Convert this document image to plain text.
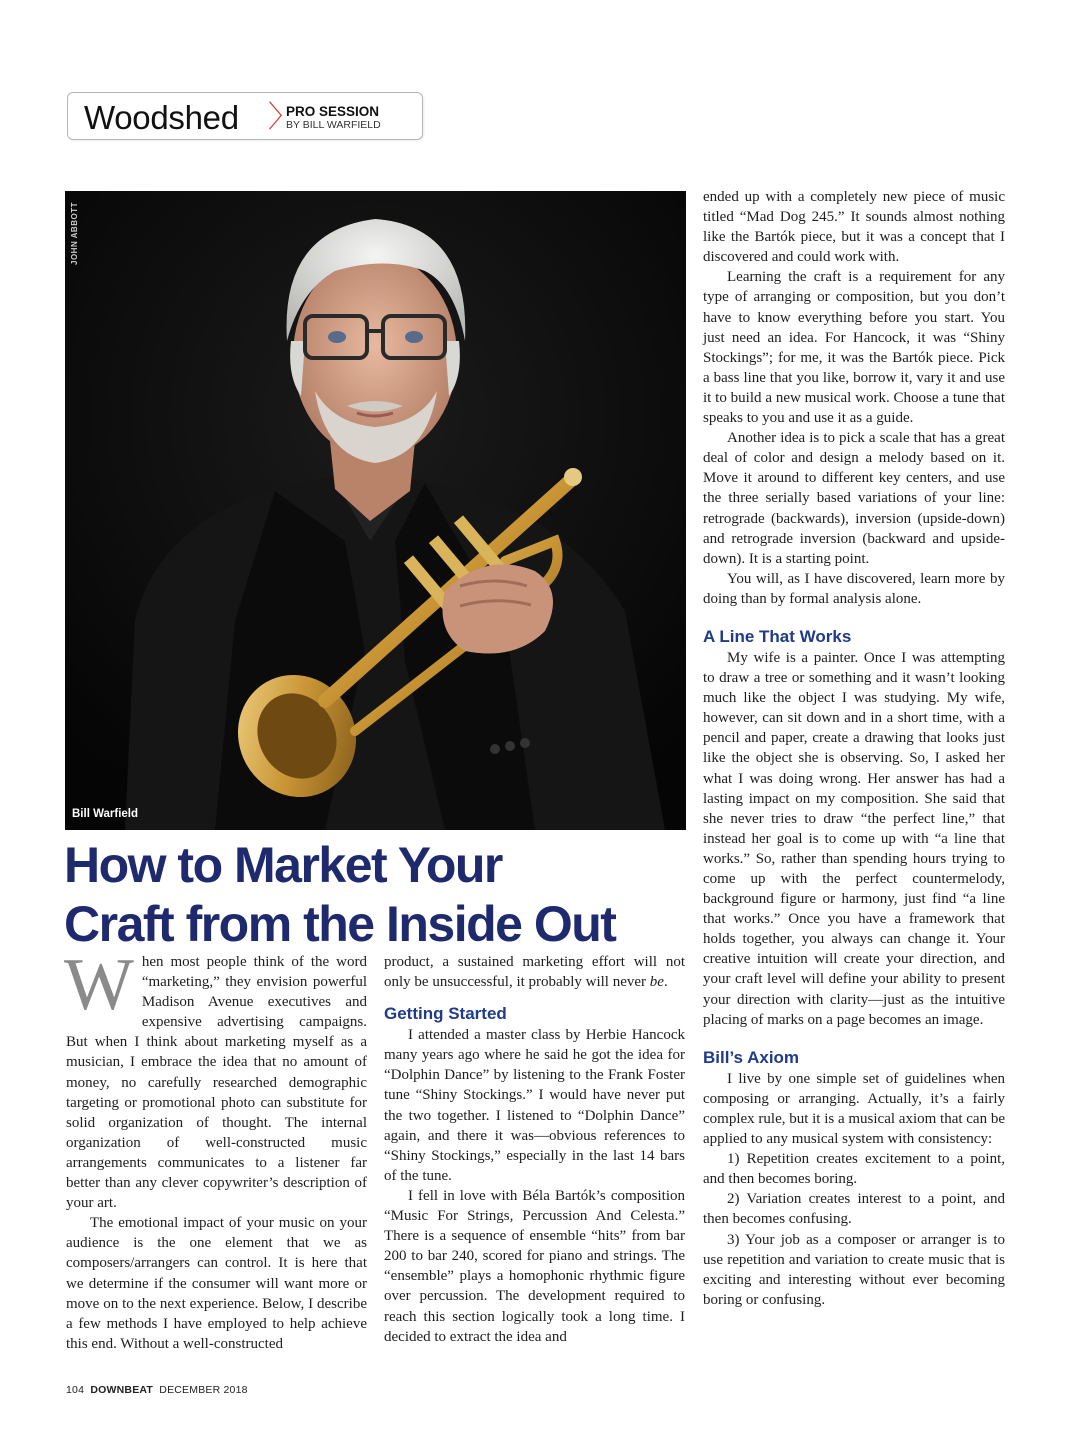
Woodshed 〉
PRO SESSION
BY BILL WARFIELD
JOHN ABBOTT
Bill Warfield
How to Market Your
Craft from the Inside Out

When most people think of the word “marketing,” they envision powerful Madison Avenue executives and expensive advertising campaigns. But when I think about marketing myself as a musician, I embrace the idea that no amount of money, no carefully researched demographic targeting or promotional photo can substitute for solid organization of thought. The internal organization of well-constructed music arrangements communicates to a listener far better than any clever copywriter’s description of your art.

The emotional impact of your music on your audience is the one element that we as composers/arrangers can control. It is here that we determine if the consumer will want more or move on to the next experience. Below, I describe a few methods I have employed to help achieve this end. Without a well-constructed

product, a sustained marketing effort will not only be unsuccessful, it probably will never be.

Getting Started

I attended a master class by Herbie Hancock many years ago where he said he got the idea for “Dolphin Dance” by listening to the Frank Foster tune “Shiny Stockings.” I would have never put the two together. I listened to “Dolphin Dance” again, and there it was—obvious references to “Shiny Stockings,” especially in the last 14 bars of the tune.

I fell in love with Béla Bartók’s composition “Music For Strings, Percussion And Celesta.” There is a sequence of ensemble “hits” from bar 200 to bar 240, scored for piano and strings. The “ensemble” plays a homophonic rhythmic figure over percussion. The development required to reach this section logically took a long time. I decided to extract the idea and

ended up with a completely new piece of music titled “Mad Dog 245.” It sounds almost nothing like the Bartók piece, but it was a concept that I discovered and could work with.

Learning the craft is a requirement for any type of arranging or composition, but you don’t have to know everything before you start. You just need an idea. For Hancock, it was “Shiny Stockings”; for me, it was the Bartók piece. Pick a bass line that you like, borrow it, vary it and use it to build a new musical work. Choose a tune that speaks to you and use it as a guide.

Another idea is to pick a scale that has a great deal of color and design a melody based on it. Move it around to different key centers, and use the three serially based variations of your line: retrograde (backwards), inversion (upside-down) and retrograde inversion (backward and upside-down). It is a starting point.

You will, as I have discovered, learn more by doing than by formal analysis alone.

A Line That Works

My wife is a painter. Once I was attempting to draw a tree or something and it wasn’t looking much like the object I was studying. My wife, however, can sit down and in a short time, with a pencil and paper, create a drawing that looks just like the object she is observing. So, I asked her what I was doing wrong. Her answer has had a lasting impact on my composition. She said that she never tries to draw “the perfect line,” that instead her goal is to come up with “a line that works.” So, rather than spending hours trying to come up with the perfect countermelody, background figure or harmony, just find “a line that works.” Once you have a framework that holds together, you always can change it. Your creative intuition will create your direction, and your craft level will define your ability to present your direction with clarity—just as the intuitive placing of marks on a page becomes an image.

Bill’s Axiom

I live by one simple set of guidelines when composing or arranging. Actually, it’s a fairly complex rule, but it is a musical axiom that can be applied to any musical system with consistency:

1) Repetition creates excitement to a point, and then becomes boring.

2) Variation creates interest to a point, and then becomes confusing.

3) Your job as a composer or arranger is to use repetition and variation to create music that is exciting and interesting without ever becoming boring or confusing.

104 DOWNBEAT DECEMBER 2018
